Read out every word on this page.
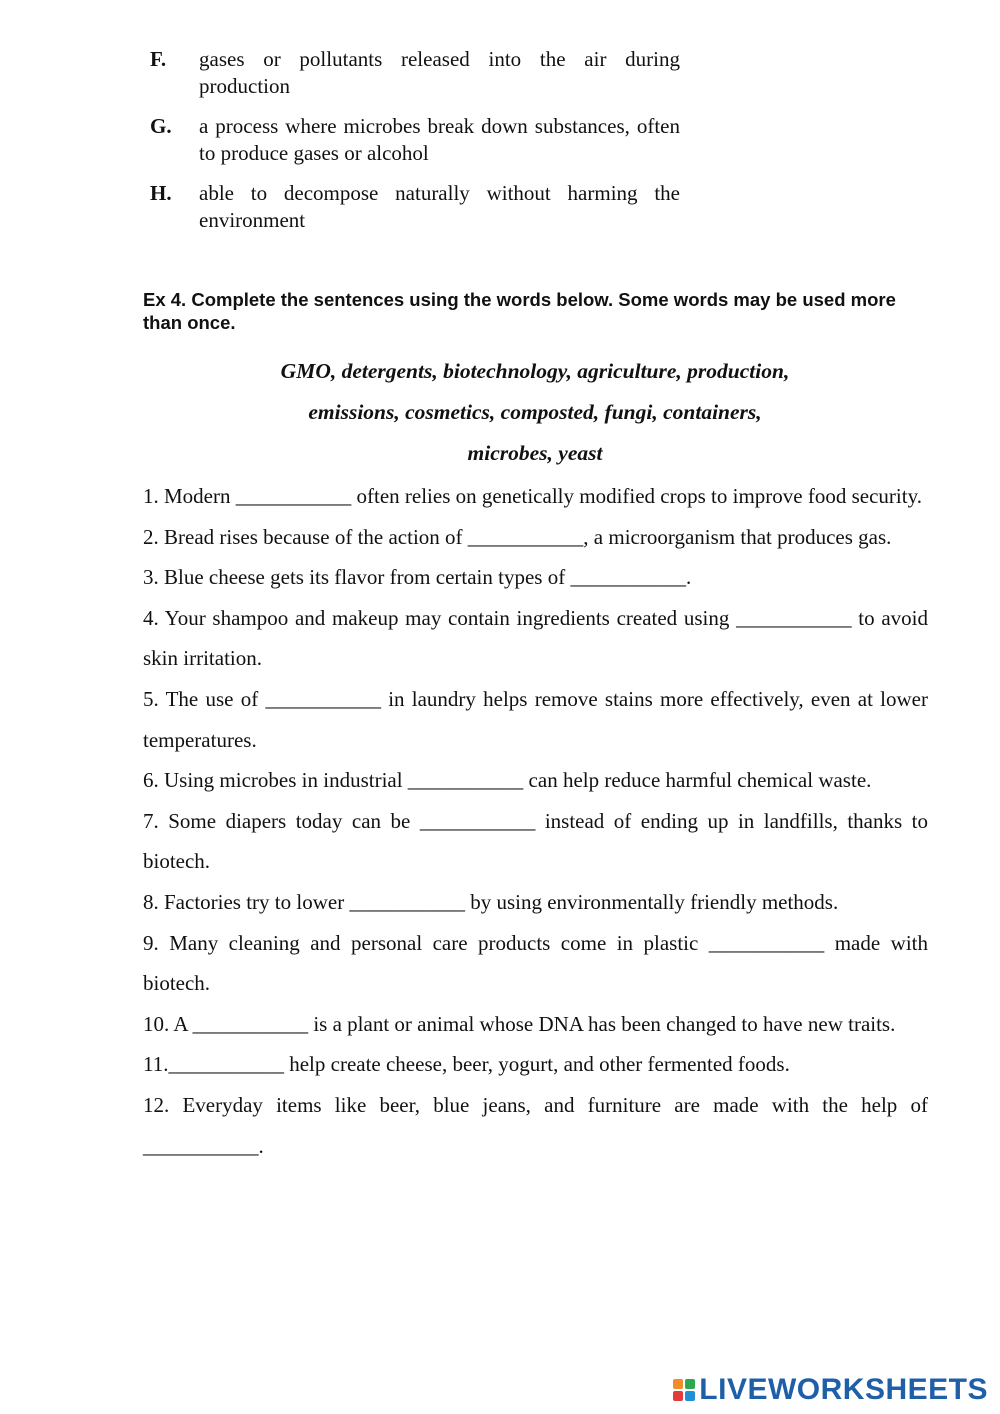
F.	gases or pollutants released into the air during production
G.	a process where microbes break down substances, often to produce gases or alcohol
H.	able to decompose naturally without harming the environment
Ex 4. Complete the sentences using the words below. Some words may be used more than once.
GMO, detergents, biotechnology, agriculture, production,
emissions, cosmetics, composted, fungi, containers,
microbes, yeast
1. Modern ___________ often relies on genetically modified crops to improve food security.
2. Bread rises because of the action of ___________, a microorganism that produces gas.
3. Blue cheese gets its flavor from certain types of ___________.
4. Your shampoo and makeup may contain ingredients created using ___________ to avoid skin irritation.
5. The use of ___________ in laundry helps remove stains more effectively, even at lower temperatures.
6. Using microbes in industrial ___________ can help reduce harmful chemical waste.
7. Some diapers today can be ___________ instead of ending up in landfills, thanks to biotech.
8. Factories try to lower ___________ by using environmentally friendly methods.
9. Many cleaning and personal care products come in plastic ___________ made with biotech.
10. A ___________ is a plant or animal whose DNA has been changed to have new traits.
11.___________ help create cheese, beer, yogurt, and other fermented foods.
12. Everyday items like beer, blue jeans, and furniture are made with the help of ___________.
LIVEWORKSHEETS
